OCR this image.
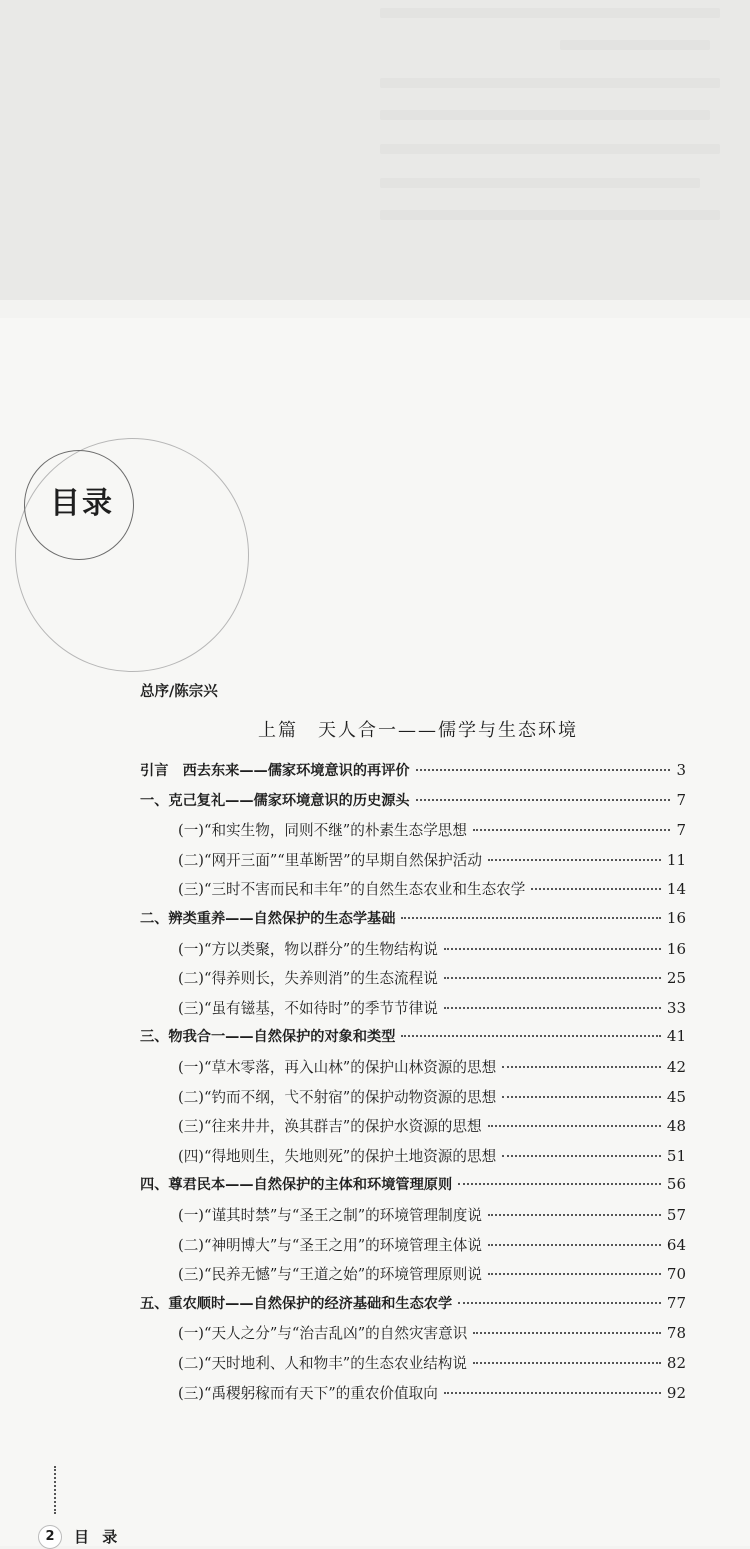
目录
总序/陈宗兴
上篇　天人合一——儒学与生态环境
引言　西去东来——儒家环境意识的再评价	3
一、克己复礼——儒家环境意识的历史源头	7
(一)“和实生物，同则不继”的朴素生态学思想	7
(二)“网开三面”“里革断罟”的早期自然保护活动	11
(三)“三时不害而民和丰年”的自然生态农业和生态农学	14
二、辨类重养——自然保护的生态学基础	16
(一)“方以类聚，物以群分”的生物结构说	16
(二)“得养则长，失养则消”的生态流程说	25
(三)“虽有镃基，不如待时”的季节节律说	33
三、物我合一——自然保护的对象和类型	41
(一)“草木零落，再入山林”的保护山林资源的思想	42
(二)“钓而不纲，弋不射宿”的保护动物资源的思想	45
(三)“往来井井，涣其群吉”的保护水资源的思想	48
(四)“得地则生，失地则死”的保护土地资源的思想	51
四、尊君民本——自然保护的主体和环境管理原则	56
(一)“谨其时禁”与“圣王之制”的环境管理制度说	57
(二)“神明博大”与“圣王之用”的环境管理主体说	64
(三)“民养无憾”与“王道之始”的环境管理原则说	70
五、重农顺时——自然保护的经济基础和生态农学	77
(一)“天人之分”与“治吉乱凶”的自然灾害意识	78
(二)“天时地利、人和物丰”的生态农业结构说	82
(三)“禹稷躬稼而有天下”的重农价值取向	92
2	目 录
